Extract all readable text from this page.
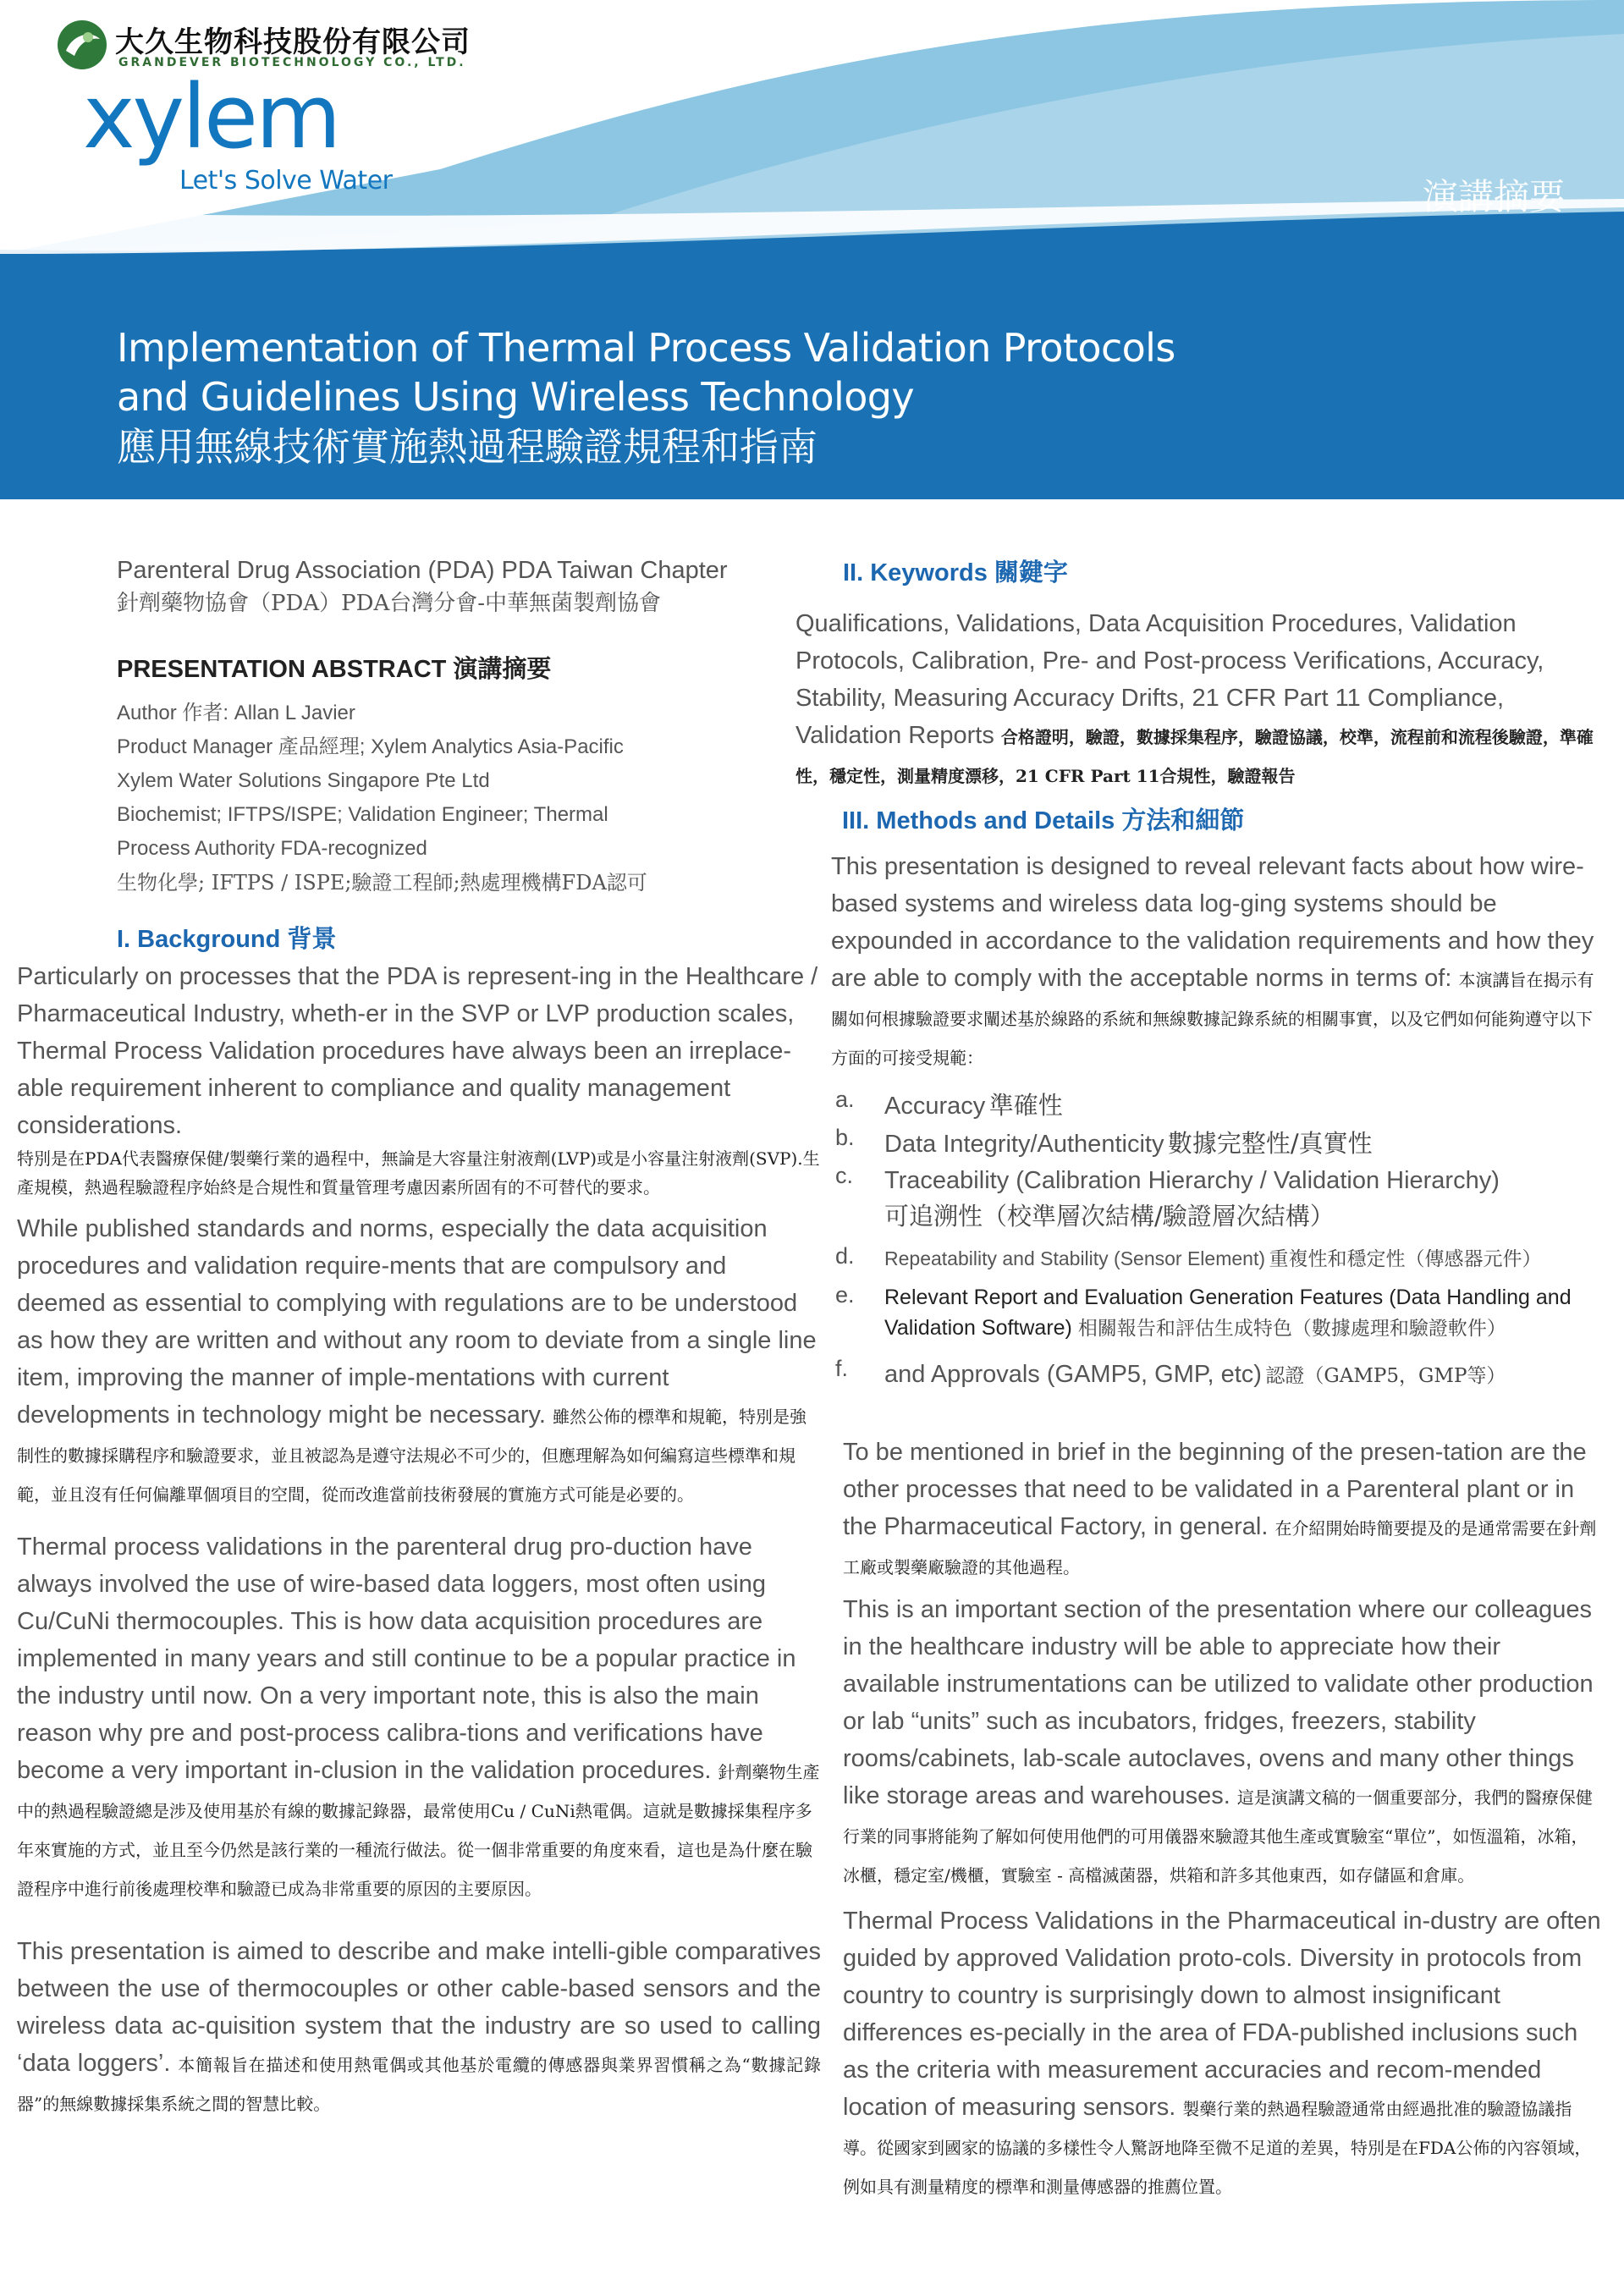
大久生物科技股份有限公司
GRANDEVER BIOTECHNOLOGY CO., LTD.
xylem
Let's Solve Water	演講摘要
Implementation of Thermal Process Validation Protocols
and Guidelines Using Wireless Technology
應用無線技術實施熱過程驗證規程和指南

Parenteral Drug Association (PDA) PDA Taiwan Chapter

針劑藥物協會（PDA）PDA台灣分會-中華無菌製劑協會

PRESENTATION ABSTRACT 演講摘要

Author 作者: Allan L Javier

Product Manager 產品經理; Xylem Analytics Asia-Pacific

Xylem Water Solutions Singapore Pte Ltd

Biochemist; IFTPS/ISPE; Validation Engineer; Thermal

Process Authority FDA-recognized

生物化學; IFTPS / ISPE;驗證工程師;熱處理機構FDA認可

I. Background 背景

Particularly on processes that the PDA is represent-ing in the Healthcare / Pharmaceutical Industry, wheth-er in the SVP or LVP production scales, Thermal Process Validation procedures have always been an irreplace-able requirement inherent to compliance and quality management considerations.

特別是在PDA代表醫療保健/製藥行業的過程中，無論是大容量注射液劑(LVP)或是小容量注射液劑(SVP).生產規模，熱過程驗證程序始終是合規性和質量管理考慮因素所固有的不可替代的要求。

While published standards and norms, especially the data acquisition procedures and validation require-ments that are compulsory and deemed as essential to complying with regulations are to be understood as how they are written and without any room to deviate from a single line item, improving the manner of imple-mentations with current developments in technology might be necessary. 雖然公佈的標準和規範，特別是強制性的數據採購程序和驗證要求，並且被認為是遵守法規必不可少的，但應理解為如何編寫這些標準和規範，並且沒有任何偏離單個項目的空間，從而改進當前技術發展的實施方式可能是必要的。

Thermal process validations in the parenteral drug pro-duction have always involved the use of wire-based data loggers, most often using Cu/CuNi thermocouples. This is how data acquisition procedures are implemented in many years and still continue to be a popular practice in the industry until now. On a very important note, this is also the main reason why pre and post-process calibra-tions and verifications have become a very important in-clusion in the validation procedures. 針劑藥物生產中的熱過程驗證總是涉及使用基於有線的數據記錄器，最常使用Cu / CuNi熱電偶。這就是數據採集程序多年來實施的方式，並且至今仍然是該行業的一種流行做法。從一個非常重要的角度來看，這也是為什麼在驗證程序中進行前後處理校準和驗證已成為非常重要的原因的主要原因。

This presentation is aimed to describe and make intelli-gible comparatives between the use of thermocouples or other cable-based sensors and the wireless data ac-quisition system that the industry are so used to calling ‘data loggers’. 本簡報旨在描述和使用熱電偶或其他基於電纜的傳感器與業界習慣稱之為“數據記錄器”的無線數據採集系統之間的智慧比較。

II. Keywords 關鍵字

Qualifications, Validations, Data Acquisition Procedures, Validation Protocols, Calibration, Pre- and Post-process Verifications, Accuracy, Stability, Measuring Accuracy Drifts, 21 CFR Part 11 Compliance, Validation Reports 合格證明，驗證，數據採集程序，驗證協議，校準，流程前和流程後驗證，準確性，穩定性，測量精度漂移，21 CFR Part 11合規性，驗證報告

III. Methods and Details 方法和細節

This presentation is designed to reveal relevant facts about how wire-based systems and wireless data log-ging systems should be expounded in accordance to the validation requirements and how they are able to comply with the acceptable norms in terms of: 本演講旨在揭示有關如何根據驗證要求闡述基於線路的系統和無線數據記錄系統的相關事實，以及它們如何能夠遵守以下方面的可接受規範：

a. Accuracy 準確性
b. Data Integrity/Authenticity 數據完整性/真實性
c. Traceability (Calibration Hierarchy / Validation Hierarchy)
可追溯性（校準層次結構/驗證層次結構）
d. Repeatability and Stability (Sensor Element) 重複性和穩定性（傳感器元件）
e. Relevant Report and Evaluation Generation Features (Data Handling and Validation Software) 相關報告和評估生成特色（數據處理和驗證軟件）
f. and Approvals (GAMP5, GMP, etc) 認證（GAMP5，GMP等）

To be mentioned in brief in the beginning of the presen-tation are the other processes that need to be validated in a Parenteral plant or in the Pharmaceutical Factory, in general. 在介紹開始時簡要提及的是通常需要在針劑工廠或製藥廠驗證的其他過程。

This is an important section of the presentation where our colleagues in the healthcare industry will be able to appreciate how their available instrumentations can be utilized to validate other production or lab “units” such as incubators, fridges, freezers, stability rooms/cabinets, lab-scale autoclaves, ovens and many other things like storage areas and warehouses. 這是演講文稿的一個重要部分，我們的醫療保健行業的同事將能夠了解如何使用他們的可用儀器來驗證其他生產或實驗室“單位”，如恆溫箱，冰箱，冰櫃，穩定室/機櫃，實驗室 - 高檔滅菌器，烘箱和許多其他東西，如存儲區和倉庫。

Thermal Process Validations in the Pharmaceutical in-dustry are often guided by approved Validation proto-cols. Diversity in protocols from country to country is surprisingly down to almost insignificant differences es-pecially in the area of FDA-published inclusions such as the criteria with measurement accuracies and recom-mended location of measuring sensors. 製藥行業的熱過程驗證通常由經過批准的驗證協議指導。從國家到國家的協議的多樣性令人驚訝地降至微不足道的差異，特別是在FDA公佈的內容領域，例如具有測量精度的標準和測量傳感器的推薦位置。
